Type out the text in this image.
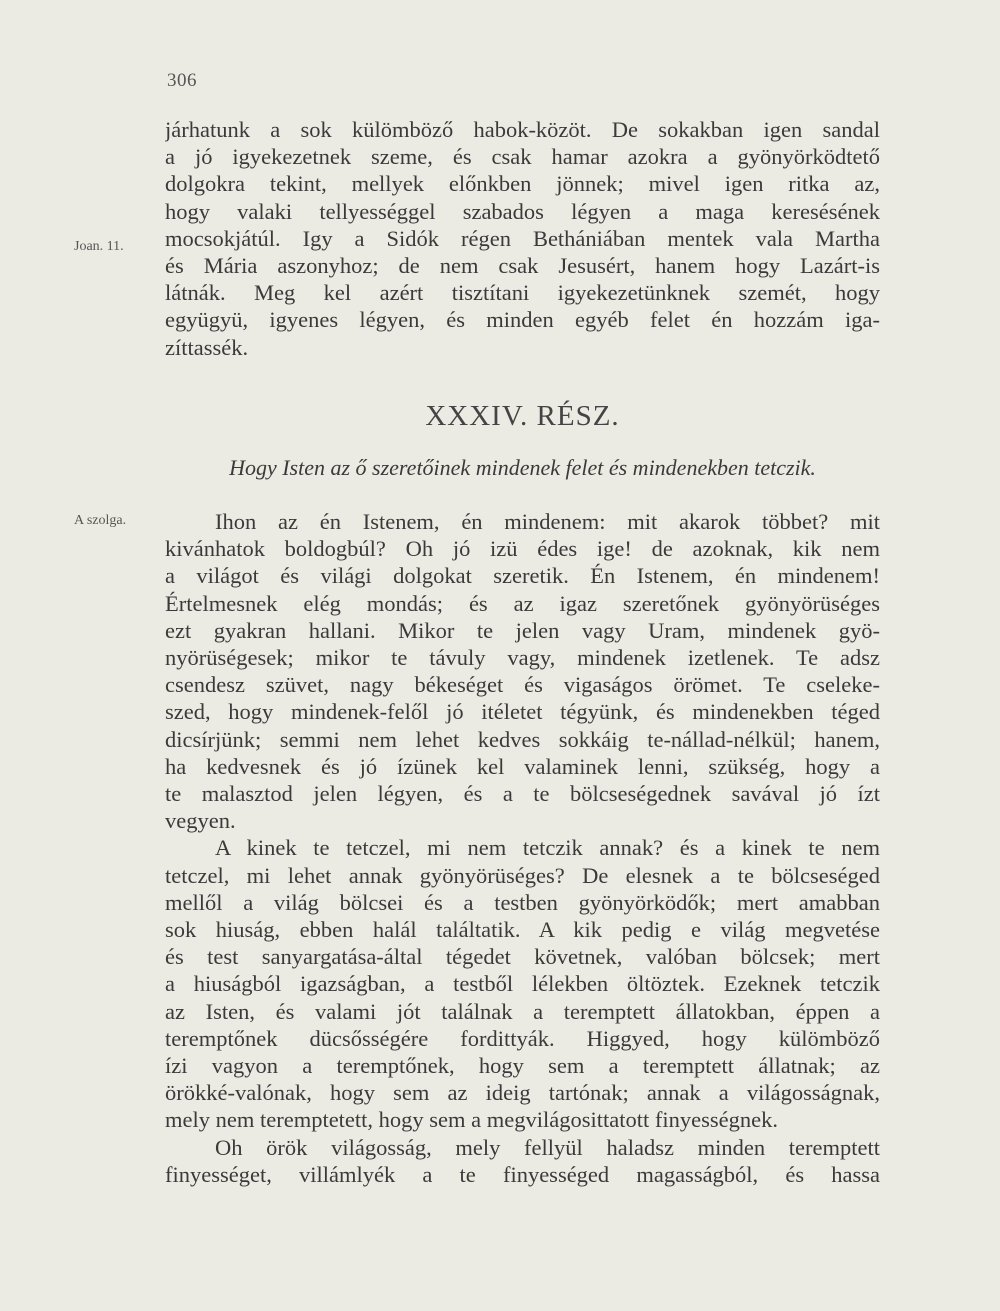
306
Joan. 11.
A szolga.
járhatunk a sok külömböző habok-közöt. De sokakban igen sandal
a jó igyekezetnek szeme, és csak hamar azokra a gyönyörködtető
dolgokra tekint, mellyek előnkben jönnek; mivel igen ritka az,
hogy valaki tellyességgel szabados légyen a maga keresésének
mocsokjátúl. Igy a Sidók régen Bethániában mentek vala Martha
és Mária aszonyhoz; de nem csak Jesusért, hanem hogy Lazárt-is
látnák. Meg kel azért tisztítani igyekezetünknek szemét, hogy
együgyü, igyenes légyen, és minden egyéb felet én hozzám iga-
zíttassék.
XXXIV. RÉSZ.
Hogy Isten az ő szeretőinek mindenek felet és mindenekben tetczik.
Ihon az én Istenem, én mindenem: mit akarok többet? mit
kivánhatok boldogbúl? Oh jó izü édes ige! de azoknak, kik nem
a világot és világi dolgokat szeretik. Én Istenem, én mindenem!
Értelmesnek elég mondás; és az igaz szeretőnek gyönyörüséges
ezt gyakran hallani. Mikor te jelen vagy Uram, mindenek gyö-
nyörüségesek; mikor te távuly vagy, mindenek izetlenek. Te adsz
csendesz szüvet, nagy békeséget és vigaságos örömet. Te cseleke-
szed, hogy mindenek-felől jó itéletet tégyünk, és mindenekben téged
dicsírjünk; semmi nem lehet kedves sokkáig te-nállad-nélkül; hanem,
ha kedvesnek és jó ízünek kel valaminek lenni, szükség, hogy a
te malasztod jelen légyen, és a te bölcseségednek savával jó ízt
vegyen.
A kinek te tetczel, mi nem tetczik annak? és a kinek te nem
tetczel, mi lehet annak gyönyörüséges? De elesnek a te bölcseséged
mellől a világ bölcsei és a testben gyönyörködők; mert amabban
sok hiuság, ebben halál találtatik. A kik pedig e világ megvetése
és test sanyargatása-által tégedet követnek, valóban bölcsek; mert
a hiuságból igazságban, a testből lélekben öltöztek. Ezeknek tetczik
az Isten, és valami jót találnak a teremptett állatokban, éppen a
teremptőnek dücsősségére fordittyák. Higgyed, hogy külömböző
ízi vagyon a teremptőnek, hogy sem a teremptett állatnak; az
örökké-valónak, hogy sem az ideig tartónak; annak a világosságnak,
mely nem teremptetett, hogy sem a megvilágosittatott finyességnek.
Oh örök világosság, mely fellyül haladsz minden teremptett
finyességet, villámlyék a te finyességed magasságból, és hassa
